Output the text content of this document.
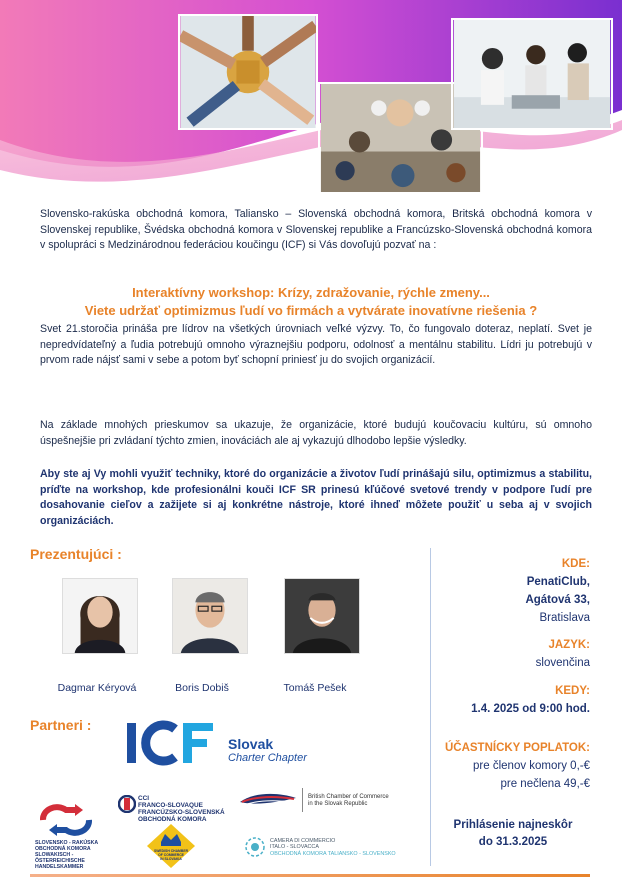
Slovensko-rakúska obchodná komora, Taliansko – Slovenská obchodná komora, Britská obchodná komora v Slovenskej republike, Švédska obchodná komora v Slovenskej republike a Francúzsko-Slovenská obchodná komora v spolupráci s Medzinárodnou federáciou koučingu (ICF) si Vás dovoľujú pozvať na :

Interaktívny workshop: Krízy, zdražovanie, rýchle zmeny...
Viete udržať optimizmus ľudí vo firmách a vytvárate inovatívne riešenia ?

Svet 21.storočia prináša pre lídrov na všetkých úrovniach veľké výzvy. To, čo fungovalo doteraz, neplatí. Svet je nepredvídateľný a ľudia potrebujú omnoho výraznejšiu podporu, odolnosť a mentálnu stabilitu. Lídri ju potrebujú v prvom rade nájsť sami v sebe a potom byť schopní priniesť ju do svojich organizácií.

Na základe mnohých prieskumov sa ukazuje, že organizácie, ktoré budujú koučovaciu kultúru, sú omnoho úspešnejšie pri zvládaní týchto zmien, inováciách ale aj vykazujú dlhodobo lepšie výsledky.

Aby ste aj Vy mohli využiť techniky, ktoré do organizácie a životov ľudí prinášajú silu, optimizmus a stabilitu, príďte na workshop, kde profesionálni kouči ICF SR prinesú kľúčové svetové trendy v podpore ľudí pre dosahovanie cieľov a zažijete si aj konkrétne nástroje, ktoré ihneď môžete použiť u seba aj v svojich organizáciách.

Prezentujúci :
Dagmar Kéryová	Boris Dobiš	Tomáš Pešek
Partneri :
Slovak
Charter Chapter
SLOVENSKO - RAKÚSKA
OBCHODNÁ KOMORA
SLOWAKISCH - ÖSTERREICHISCHE
HANDELSKAMMER
CCI
FRANCO-SLOVAQUE
FRANCÚZSKO-SLOVENSKÁ
OBCHODNÁ KOMORA
SWEDISH CHAMBER
OF COMMERCE
IN SLOVAKIA
British Chamber of Commerce
in the Slovak Republic
CAMERA DI COMMERCIO
ITALO - SLOVACCA
OBCHODNÁ KOMORA TALIANSKO - SLOVENSKO
KDE:
PenatiClub,
Agátová 33,
Bratislava
JAZYK:
slovenčina
KEDY:
1.4. 2025 od 9:00 hod.
ÚČASTNÍCKY POPLATOK:
pre členov komory 0,-€
pre nečlena 49,-€
Prihlásenie najneskôr
do 31.3.2025
